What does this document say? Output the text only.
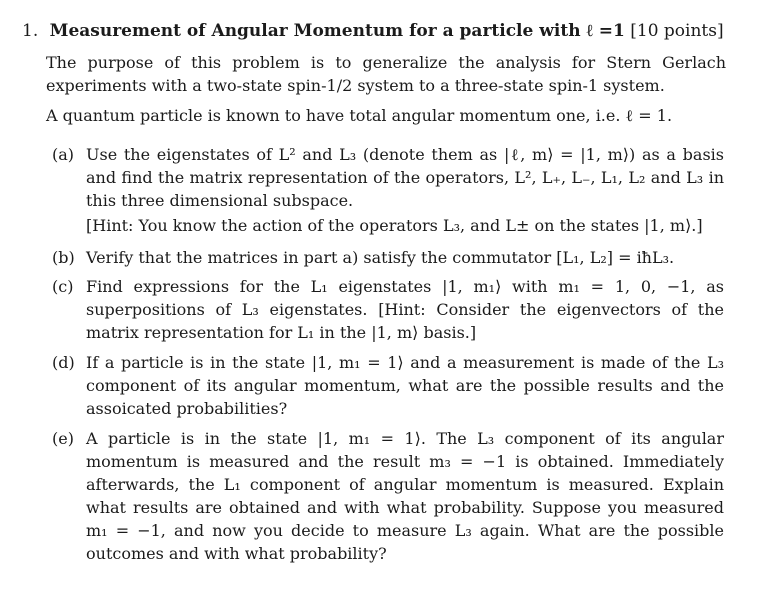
1. Measurement of Angular Momentum for a particle with ℓ =1 [10 points]
The purpose of this problem is to generalize the analysis for Stern Gerlach experiments with a two-state spin-1/2 system to a three-state spin-1 system.
A quantum particle is known to have total angular momentum one, i.e. ℓ = 1.
(a) Use the eigenstates of L² and L₃ (denote them as |ℓ, m⟩ = |1, m⟩) as a basis and find the matrix representation of the operators, L², L₊, L₋, L₁, L₂ and L₃ in this three dimensional subspace.
[Hint: You know the action of the operators L₃, and L± on the states |1, m⟩.]
(b) Verify that the matrices in part a) satisfy the commutator [L₁, L₂] = iħL₃.
(c) Find expressions for the L₁ eigenstates |1, m₁⟩ with m₁ = 1, 0, −1, as superpositions of L₃ eigenstates. [Hint: Consider the eigenvectors of the matrix representation for L₁ in the |1, m⟩ basis.]
(d) If a particle is in the state |1, m₁ = 1⟩ and a measurement is made of the L₃ component of its angular momentum, what are the possible results and the assoicated probabilities?
(e) A particle is in the state |1, m₁ = 1⟩. The L₃ component of its angular momentum is measured and the result m₃ = −1 is obtained. Immediately afterwards, the L₁ component of angular momentum is measured. Explain what results are obtained and with what probability. Suppose you measured m₁ = −1, and now you decide to measure L₃ again. What are the possible outcomes and with what probability?
